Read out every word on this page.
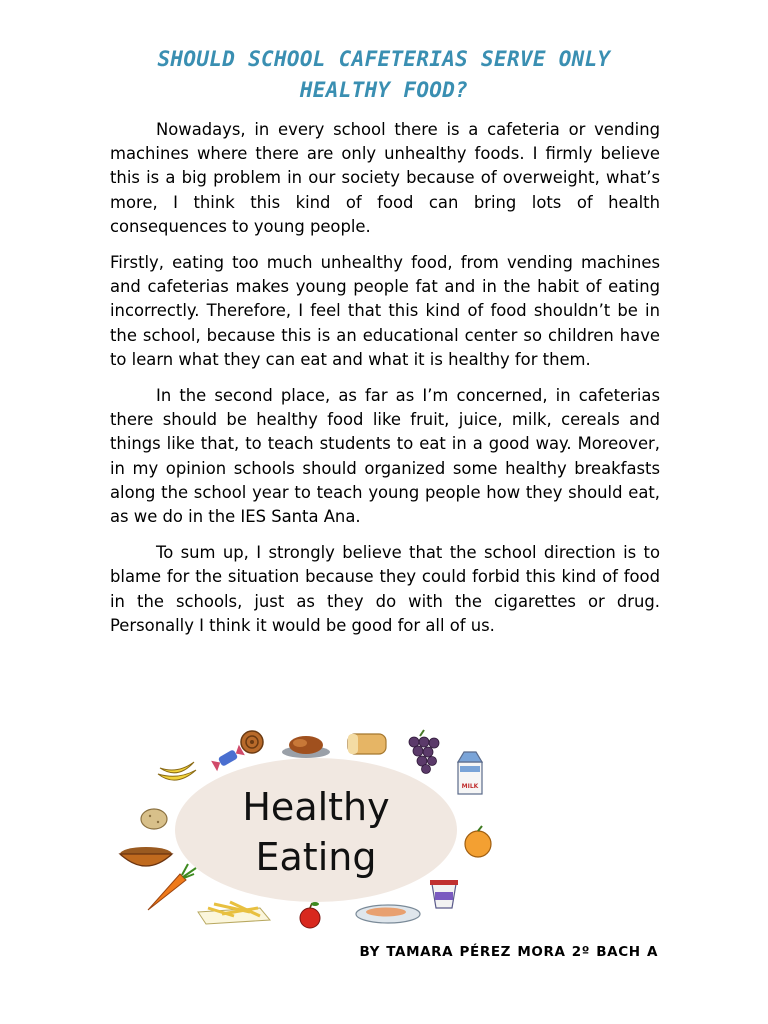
SHOULD SCHOOL CAFETERIAS SERVE ONLY
HEALTHY FOOD?

Nowadays, in every school there is a cafeteria or vending machines where there are only unhealthy foods. I firmly believe this is a big problem in our society because of overweight, what’s more, I think this kind of food can bring lots of health consequences to young people.

Firstly, eating too much unhealthy food, from vending machines and cafeterias makes young people fat and in the habit of eating incorrectly. Therefore, I feel that this kind of food shouldn’t be in the school, because this is an educational center so children have to learn what they can eat and what it is healthy for them.

In the second place, as far as I’m concerned, in cafeterias there should be healthy food like fruit, juice, milk, cereals and things like that, to teach students to eat in a good way. Moreover, in my opinion schools should organized some healthy breakfasts along the school year to teach young people how they should eat, as we do in the IES Santa Ana.

To sum up, I strongly believe that the school direction is to blame for the situation because they could forbid this kind of food in the schools, just as they do with the cigarettes or drug. Personally I think it would be good for all of us.

Healthy
Eating
MILK
BY TAMARA PÉREZ MORA 2º BACH A
